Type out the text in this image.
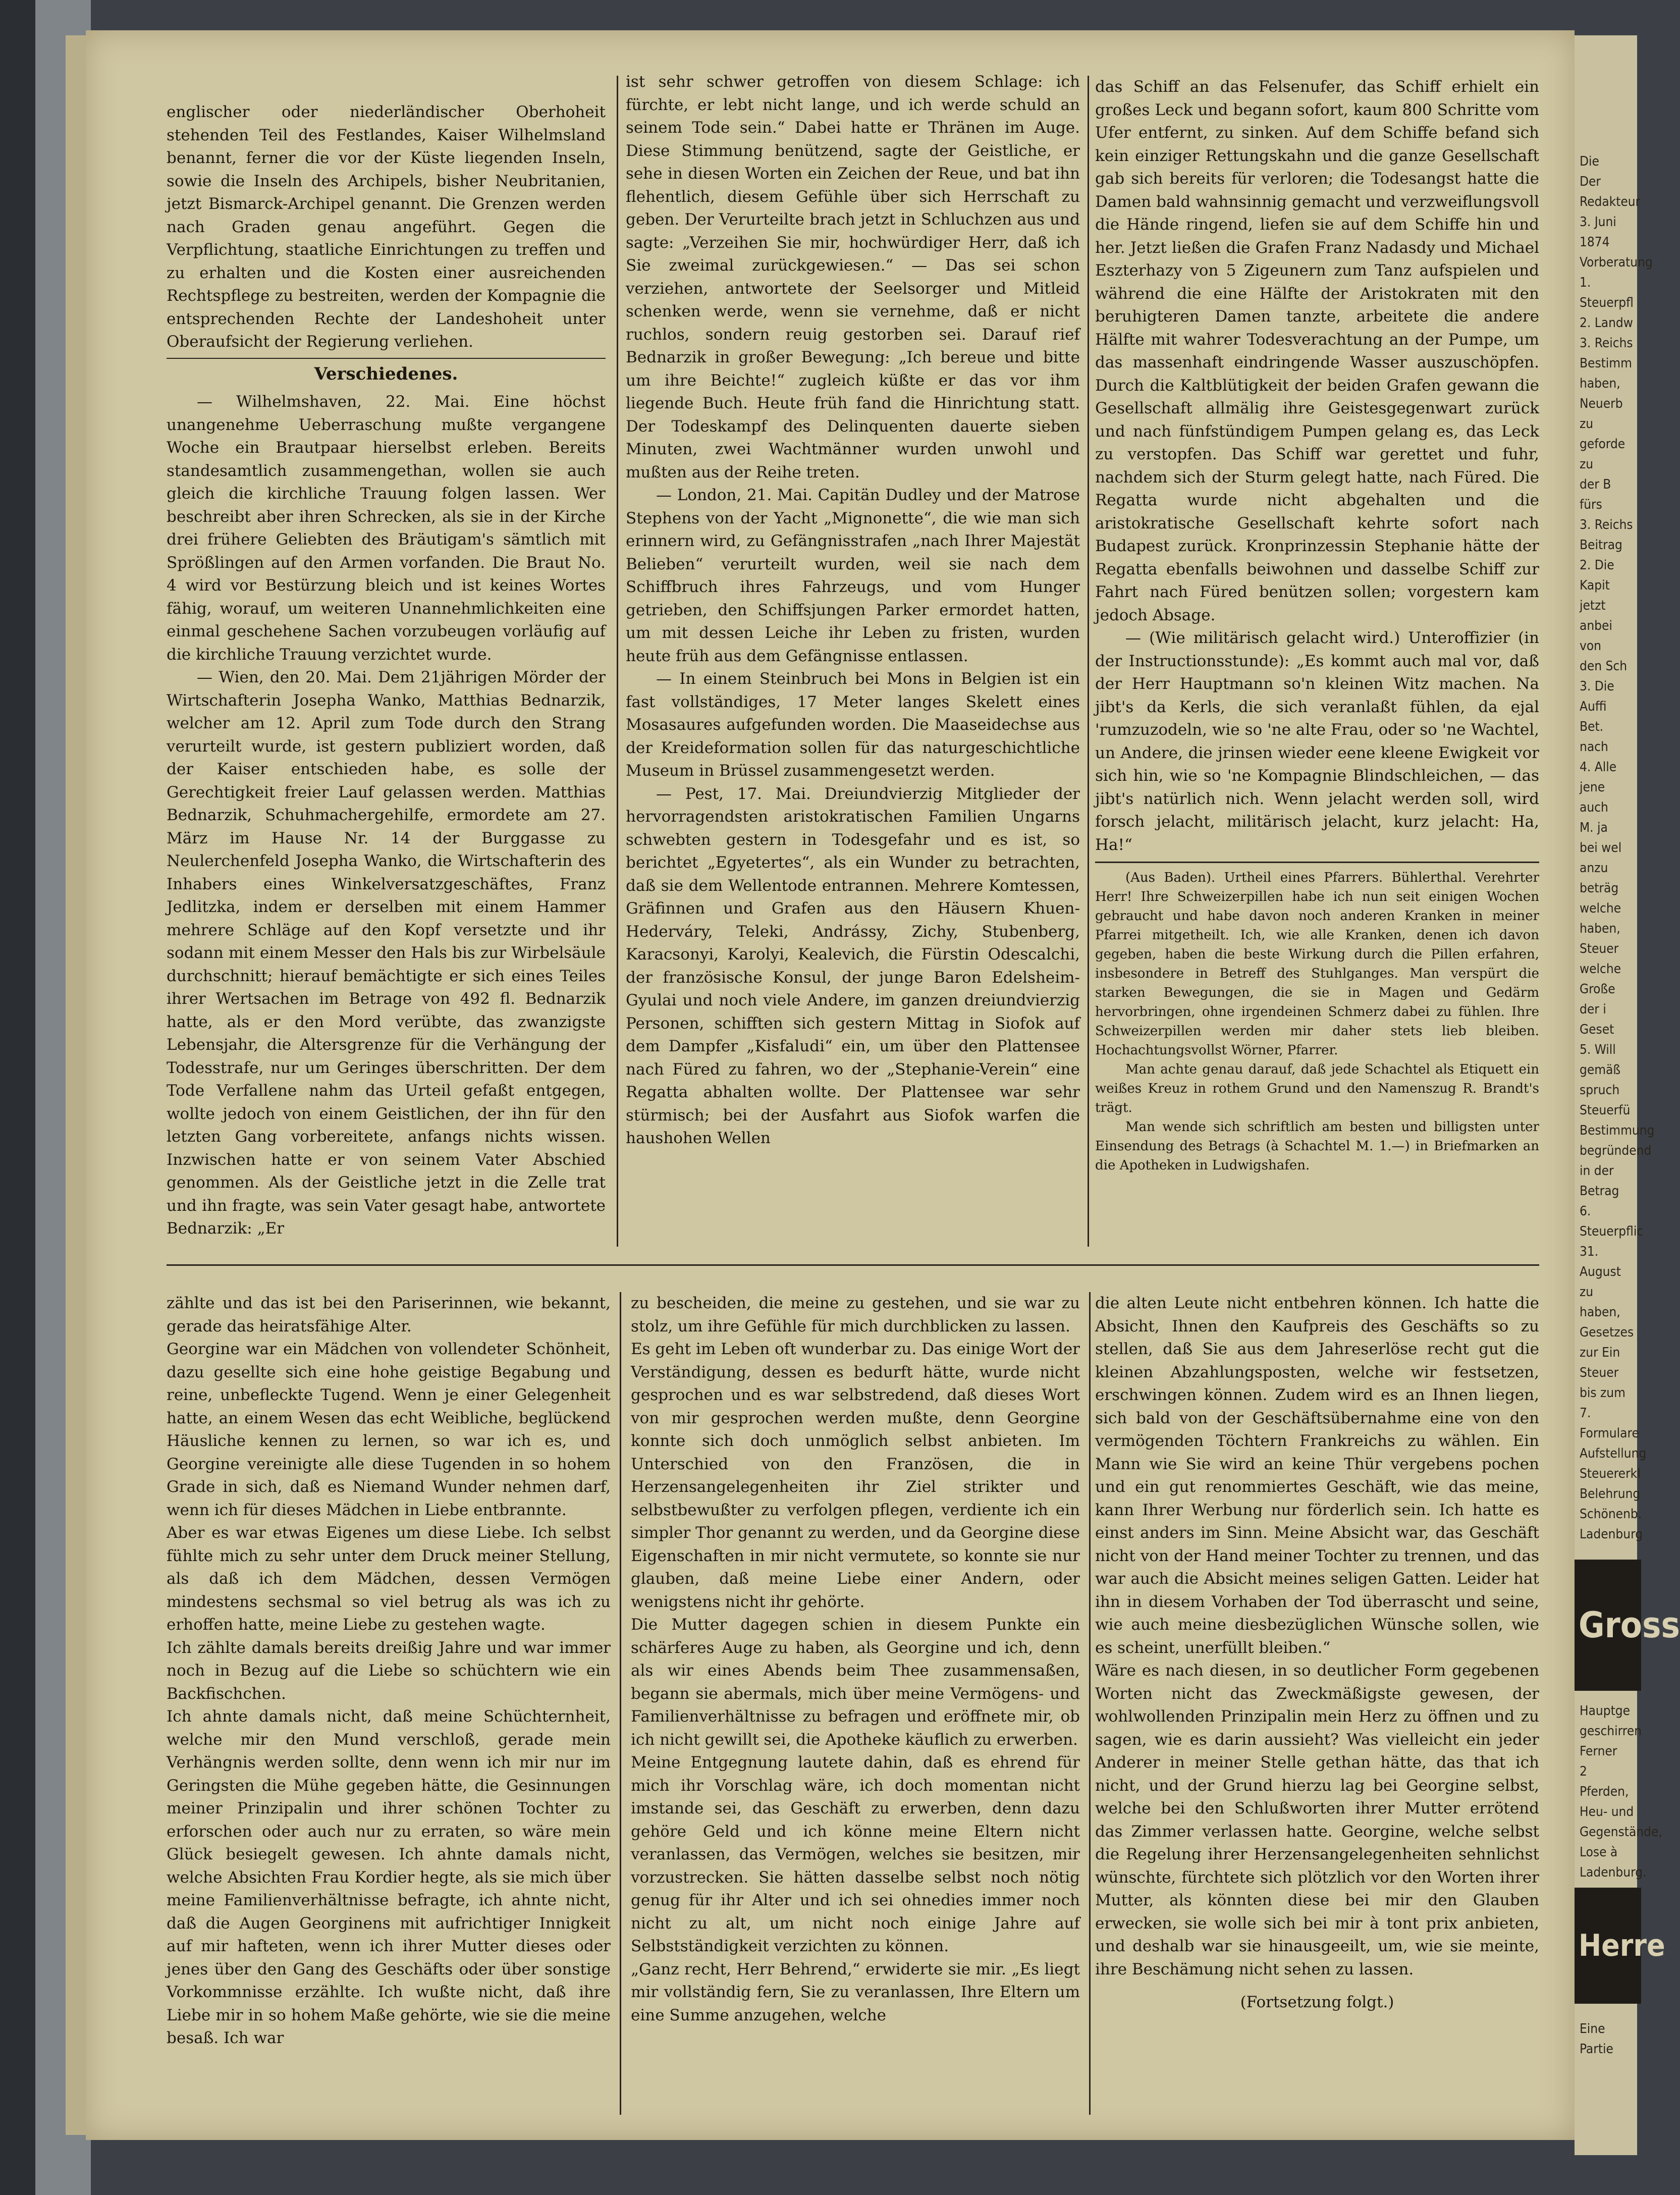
englischer oder niederländischer Oberhoheit stehenden Teil des Festlandes, Kaiser Wilhelmsland benannt, ferner die vor der Küste liegenden Inseln, sowie die Inseln des Archipels, bisher Neubritanien, jetzt Bismarck-Archipel genannt. Die Grenzen werden nach Graden genau angeführt. Gegen die Verpflichtung, staatliche Einrichtungen zu treffen und zu erhalten und die Kosten einer ausreichenden Rechtspflege zu bestreiten, werden der Kompagnie die entsprechenden Rechte der Landeshoheit unter Oberaufsicht der Regierung verliehen.

Verschiedenes.

— Wilhelmshaven, 22. Mai. Eine höchst unangenehme Ueberraschung mußte vergangene Woche ein Brautpaar hierselbst erleben. Bereits standesamtlich zusammengethan, wollen sie auch gleich die kirchliche Trauung folgen lassen. Wer beschreibt aber ihren Schrecken, als sie in der Kirche drei frühere Geliebten des Bräutigam's sämtlich mit Sprößlingen auf den Armen vorfanden. Die Braut No. 4 wird vor Bestürzung bleich und ist keines Wortes fähig, worauf, um weiteren Unannehmlichkeiten eine einmal geschehene Sachen vorzubeugen vorläufig auf die kirchliche Trauung verzichtet wurde.

— Wien, den 20. Mai. Dem 21jährigen Mörder der Wirtschafterin Josepha Wanko, Matthias Bednarzik, welcher am 12. April zum Tode durch den Strang verurteilt wurde, ist gestern publiziert worden, daß der Kaiser entschieden habe, es solle der Gerechtigkeit freier Lauf gelassen werden. Matthias Bednarzik, Schuhmachergehilfe, ermordete am 27. März im Hause Nr. 14 der Burggasse zu Neulerchenfeld Josepha Wanko, die Wirtschafterin des Inhabers eines Winkelversatzgeschäftes, Franz Jedlitzka, indem er derselben mit einem Hammer mehrere Schläge auf den Kopf versetzte und ihr sodann mit einem Messer den Hals bis zur Wirbelsäule durchschnitt; hierauf bemächtigte er sich eines Teiles ihrer Wertsachen im Betrage von 492 fl. Bednarzik hatte, als er den Mord verübte, das zwanzigste Lebensjahr, die Altersgrenze für die Verhängung der Todesstrafe, nur um Geringes überschritten. Der dem Tode Verfallene nahm das Urteil gefaßt entgegen, wollte jedoch von einem Geistlichen, der ihn für den letzten Gang vorbereitete, anfangs nichts wissen. Inzwischen hatte er von seinem Vater Abschied genommen. Als der Geistliche jetzt in die Zelle trat und ihn fragte, was sein Vater gesagt habe, antwortete Bednarzik: „Er

ist sehr schwer getroffen von diesem Schlage: ich fürchte, er lebt nicht lange, und ich werde schuld an seinem Tode sein.“ Dabei hatte er Thränen im Auge. Diese Stimmung benützend, sagte der Geistliche, er sehe in diesen Worten ein Zeichen der Reue, und bat ihn flehentlich, diesem Gefühle über sich Herrschaft zu geben. Der Verurteilte brach jetzt in Schluchzen aus und sagte: „Verzeihen Sie mir, hochwürdiger Herr, daß ich Sie zweimal zurückgewiesen.“ — Das sei schon verziehen, antwortete der Seelsorger und Mitleid schenken werde, wenn sie vernehme, daß er nicht ruchlos, sondern reuig gestorben sei. Darauf rief Bednarzik in großer Bewegung: „Ich bereue und bitte um ihre Beichte!“ zugleich küßte er das vor ihm liegende Buch. Heute früh fand die Hinrichtung statt. Der Todeskampf des Delinquenten dauerte sieben Minuten, zwei Wachtmänner wurden unwohl und mußten aus der Reihe treten.

— London, 21. Mai. Capitän Dudley und der Matrose Stephens von der Yacht „Mignonette“, die wie man sich erinnern wird, zu Gefängnisstrafen „nach Ihrer Majestät Belieben“ verurteilt wurden, weil sie nach dem Schiffbruch ihres Fahrzeugs, und vom Hunger getrieben, den Schiffsjungen Parker ermordet hatten, um mit dessen Leiche ihr Leben zu fristen, wurden heute früh aus dem Gefängnisse entlassen.

— In einem Steinbruch bei Mons in Belgien ist ein fast vollständiges, 17 Meter langes Skelett eines Mosasaures aufgefunden worden. Die Maaseidechse aus der Kreideformation sollen für das naturgeschichtliche Museum in Brüssel zusammengesetzt werden.

— Pest, 17. Mai. Dreiundvierzig Mitglieder der hervorragendsten aristokratischen Familien Ungarns schwebten gestern in Todesgefahr und es ist, so berichtet „Egyetertes“, als ein Wunder zu betrachten, daß sie dem Wellentode entrannen. Mehrere Komtessen, Gräfinnen und Grafen aus den Häusern Khuen-Hederváry, Teleki, Andrássy, Zichy, Stubenberg, Karacsonyi, Karolyi, Kealevich, die Fürstin Odescalchi, der französische Konsul, der junge Baron Edelsheim-Gyulai und noch viele Andere, im ganzen dreiundvierzig Personen, schifften sich gestern Mittag in Siofok auf dem Dampfer „Kisfaludi“ ein, um über den Plattensee nach Füred zu fahren, wo der „Stephanie-Verein“ eine Regatta abhalten wollte. Der Plattensee war sehr stürmisch; bei der Ausfahrt aus Siofok warfen die haushohen Wellen

das Schiff an das Felsenufer, das Schiff erhielt ein großes Leck und begann sofort, kaum 800 Schritte vom Ufer entfernt, zu sinken. Auf dem Schiffe befand sich kein einziger Rettungskahn und die ganze Gesellschaft gab sich bereits für verloren; die Todesangst hatte die Damen bald wahnsinnig gemacht und verzweiflungsvoll die Hände ringend, liefen sie auf dem Schiffe hin und her. Jetzt ließen die Grafen Franz Nadasdy und Michael Eszterhazy von 5 Zigeunern zum Tanz aufspielen und während die eine Hälfte der Aristokraten mit den beruhigteren Damen tanzte, arbeitete die andere Hälfte mit wahrer Todesverachtung an der Pumpe, um das massenhaft eindringende Wasser auszuschöpfen. Durch die Kaltblütigkeit der beiden Grafen gewann die Gesellschaft allmälig ihre Geistesgegenwart zurück und nach fünfstündigem Pumpen gelang es, das Leck zu verstopfen. Das Schiff war gerettet und fuhr, nachdem sich der Sturm gelegt hatte, nach Füred. Die Regatta wurde nicht abgehalten und die aristokratische Gesellschaft kehrte sofort nach Budapest zurück. Kronprinzessin Stephanie hätte der Regatta ebenfalls beiwohnen und dasselbe Schiff zur Fahrt nach Füred benützen sollen; vorgestern kam jedoch Absage.

— (Wie militärisch gelacht wird.) Unteroffizier (in der Instructionsstunde): „Es kommt auch mal vor, daß der Herr Hauptmann so'n kleinen Witz machen. Na jibt's da Kerls, die sich veranlaßt fühlen, da ejal 'rumzuzodeln, wie so 'ne alte Frau, oder so 'ne Wachtel, un Andere, die jrinsen wieder eene kleene Ewigkeit vor sich hin, wie so 'ne Kompagnie Blindschleichen, — das jibt's natürlich nich. Wenn jelacht werden soll, wird forsch jelacht, militärisch jelacht, kurz jelacht: Ha, Ha!“

(Aus Baden). Urtheil eines Pfarrers. Bühlerthal. Verehrter Herr! Ihre Schweizerpillen habe ich nun seit einigen Wochen gebraucht und habe davon noch anderen Kranken in meiner Pfarrei mitgetheilt. Ich, wie alle Kranken, denen ich davon gegeben, haben die beste Wirkung durch die Pillen erfahren, insbesondere in Betreff des Stuhlganges. Man verspürt die starken Bewegungen, die sie in Magen und Gedärm hervorbringen, ohne irgendeinen Schmerz dabei zu fühlen. Ihre Schweizerpillen werden mir daher stets lieb bleiben. Hochachtungsvollst Wörner, Pfarrer.

Man achte genau darauf, daß jede Schachtel als Etiquett ein weißes Kreuz in rothem Grund und den Namenszug R. Brandt's trägt.

Man wende sich schriftlich am besten und billigsten unter Einsendung des Betrags (à Schachtel M. 1.—) in Briefmarken an die Apotheken in Ludwigshafen.

zählte und das ist bei den Pariserinnen, wie bekannt, gerade das heiratsfähige Alter.
Georgine war ein Mädchen von vollendeter Schönheit, dazu gesellte sich eine hohe geistige Begabung und reine, unbefleckte Tugend. Wenn je einer Gelegenheit hatte, an einem Wesen das echt Weibliche, beglückend Häusliche kennen zu lernen, so war ich es, und Georgine vereinigte alle diese Tugenden in so hohem Grade in sich, daß es Niemand Wunder nehmen darf, wenn ich für dieses Mädchen in Liebe entbrannte.
Aber es war etwas Eigenes um diese Liebe. Ich selbst fühlte mich zu sehr unter dem Druck meiner Stellung, als daß ich dem Mädchen, dessen Vermögen mindestens sechsmal so viel betrug als was ich zu erhoffen hatte, meine Liebe zu gestehen wagte.
Ich zählte damals bereits dreißig Jahre und war immer noch in Bezug auf die Liebe so schüchtern wie ein Backfischchen.
Ich ahnte damals nicht, daß meine Schüchternheit, welche mir den Mund verschloß, gerade mein Verhängnis werden sollte, denn wenn ich mir nur im Geringsten die Mühe gegeben hätte, die Gesinnungen meiner Prinzipalin und ihrer schönen Tochter zu erforschen oder auch nur zu erraten, so wäre mein Glück besiegelt gewesen. Ich ahnte damals nicht, welche Absichten Frau Kordier hegte, als sie mich über meine Familienverhältnisse befragte, ich ahnte nicht, daß die Augen Georginens mit aufrichtiger Innigkeit auf mir hafteten, wenn ich ihrer Mutter dieses oder jenes über den Gang des Geschäfts oder über sonstige Vorkommnisse erzählte. Ich wußte nicht, daß ihre Liebe mir in so hohem Maße gehörte, wie sie die meine besaß. Ich war

zu bescheiden, die meine zu gestehen, und sie war zu stolz, um ihre Gefühle für mich durchblicken zu lassen.
Es geht im Leben oft wunderbar zu. Das einige Wort der Verständigung, dessen es bedurft hätte, wurde nicht gesprochen und es war selbstredend, daß dieses Wort von mir gesprochen werden mußte, denn Georgine konnte sich doch unmöglich selbst anbieten. Im Unterschied von den Französen, die in Herzensangelegenheiten ihr Ziel strikter und selbstbewußter zu verfolgen pflegen, verdiente ich ein simpler Thor genannt zu werden, und da Georgine diese Eigenschaften in mir nicht vermutete, so konnte sie nur glauben, daß meine Liebe einer Andern, oder wenigstens nicht ihr gehörte.
Die Mutter dagegen schien in diesem Punkte ein schärferes Auge zu haben, als Georgine und ich, denn als wir eines Abends beim Thee zusammensaßen, begann sie abermals, mich über meine Vermögens- und Familienverhältnisse zu befragen und eröffnete mir, ob ich nicht gewillt sei, die Apotheke käuflich zu erwerben.
Meine Entgegnung lautete dahin, daß es ehrend für mich ihr Vorschlag wäre, ich doch momentan nicht imstande sei, das Geschäft zu erwerben, denn dazu gehöre Geld und ich könne meine Eltern nicht veranlassen, das Vermögen, welches sie besitzen, mir vorzustrecken. Sie hätten dasselbe selbst noch nötig genug für ihr Alter und ich sei ohnedies immer noch nicht zu alt, um nicht noch einige Jahre auf Selbstständigkeit verzichten zu können.
„Ganz recht, Herr Behrend,“ erwiderte sie mir. „Es liegt mir vollständig fern, Sie zu veranlassen, Ihre Eltern um eine Summe anzugehen, welche

die alten Leute nicht entbehren können. Ich hatte die Absicht, Ihnen den Kaufpreis des Geschäfts so zu stellen, daß Sie aus dem Jahreserlöse recht gut die kleinen Abzahlungsposten, welche wir festsetzen, erschwingen können. Zudem wird es an Ihnen liegen, sich bald von der Geschäftsübernahme eine von den vermögenden Töchtern Frankreichs zu wählen. Ein Mann wie Sie wird an keine Thür vergebens pochen und ein gut renommiertes Geschäft, wie das meine, kann Ihrer Werbung nur förderlich sein. Ich hatte es einst anders im Sinn. Meine Absicht war, das Geschäft nicht von der Hand meiner Tochter zu trennen, und das war auch die Absicht meines seligen Gatten. Leider hat ihn in diesem Vorhaben der Tod überrascht und seine, wie auch meine diesbezüglichen Wünsche sollen, wie es scheint, unerfüllt bleiben.“
Wäre es nach diesen, in so deutlicher Form gegebenen Worten nicht das Zweckmäßigste gewesen, der wohlwollenden Prinzipalin mein Herz zu öffnen und zu sagen, wie es darin aussieht? Was vielleicht ein jeder Anderer in meiner Stelle gethan hätte, das that ich nicht, und der Grund hierzu lag bei Georgine selbst, welche bei den Schlußworten ihrer Mutter errötend das Zimmer verlassen hatte. Georgine, welche selbst die Regelung ihrer Herzensangelegenheiten sehnlichst wünschte, fürchtete sich plötzlich vor den Worten ihrer Mutter, als könnten diese bei mir den Glauben erwecken, sie wolle sich bei mir à tont prix anbieten, und deshalb war sie hinausgeeilt, um, wie sie meinte, ihre Beschämung nicht sehen zu lassen.

(Fortsetzung folgt.)

Die
Der Redakteur
3. Juni 1874
Vorberatung
1. Steuerpfl
2. Landw
3. Reichs
Bestimm
haben,
Neuerb
zu
geforde
zu
der B
fürs
3. Reichs
Beitrag
2. Die Kapit
jetzt anbei
von
den Sch
3. Die Auffi
Bet. nach
4. Alle jene
auch
M. ja
bei wel
anzu
beträg
welche
haben,
Steuer
welche
Große
der i
Geset
5. Will gemäß
spruch
Steuerfü
Bestimmung
begründend
in der
Betrag
6. Steuerpflic
31. August
zu haben,
Gesetzes
zur Ein
Steuer
bis zum
7. Formulare
Aufstellung
Steuererkl
Belehrung
Schönenb.
Ladenburg
Gross
Hauptge
geschirren
Ferner
2 Pferden,
Heu- und
Gegenstände,
Lose à
Ladenburg.
Herre
Eine Partie
